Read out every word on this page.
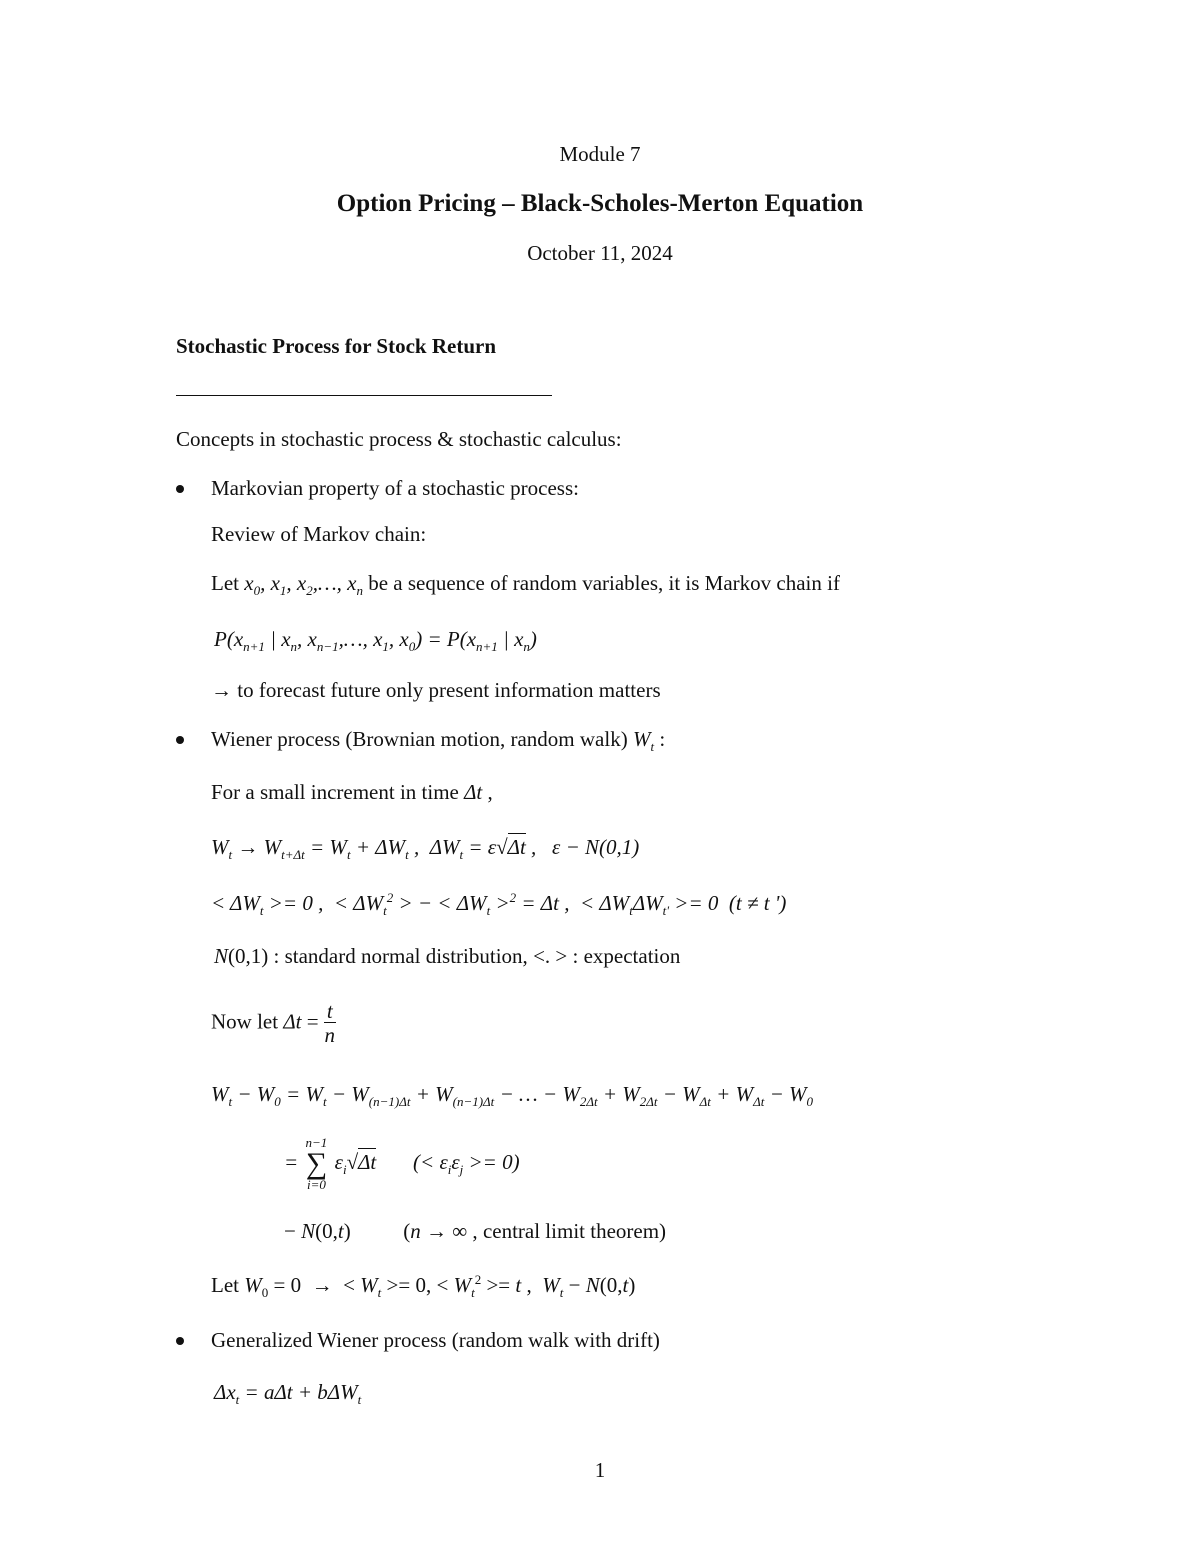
Module 7
Option Pricing – Black-Scholes-Merton Equation
October 11, 2024
Stochastic Process for Stock Return
Concepts in stochastic process & stochastic calculus:
Markovian property of a stochastic process:
Review of Markov chain:
Let $x_0$, $x_1$, $x_2,\dots$, $x_n$ be a sequence of random variables, it is Markov chain if
$P(x_{n+1}$ | $x_n$, $x_{n-1},\dots$, $x_1$, $x_0) = P(x_{n+1}$ | $x_n$)
→ to forecast future only present information matters
Wiener process (Brownian motion, random walk) $W_t$ :
For a small increment in time Δt ,
$W_t \to W_{t+\Delta t} = W_t + \Delta W_t$ ,  $\Delta W_t = \varepsilon√\Delta t$ ,   ε − N(0,1)
< $\Delta W_t >= 0$ ,  < $\Delta W_t^2$ > − < $\Delta W_t >^2 = \Delta t$ ,  < $\Delta W_t\Delta W_{t'} >= 0$  (t ≠ t ')
N(0,1) : standard normal distribution, <. > : expectation
Now let $\Delta t = \frac{t}{n}$
$W_t - W_0 = W_t - W_{(n-1)\Delta t} + W_{(n-1)\Delta t}$ − … − $W_{2\Delta t} + W_{2\Delta t} - W_{\Delta t} + W_{\Delta t} - W_0$
=
n−1
∑
i=0
$\varepsilon_i√\Delta t$       (< $\varepsilon_i\varepsilon_j >= 0$)
− N(0,t)          (n → ∞ , central limit theorem)
Let $W_0 = 0$  →  < $W_t >= 0$, < $W_t^2 >= t$ ,  $W_t - N(0,t)$
Generalized Wiener process (random walk with drift)
$\Delta x_t = a\Delta t + b\Delta W_t$
1
